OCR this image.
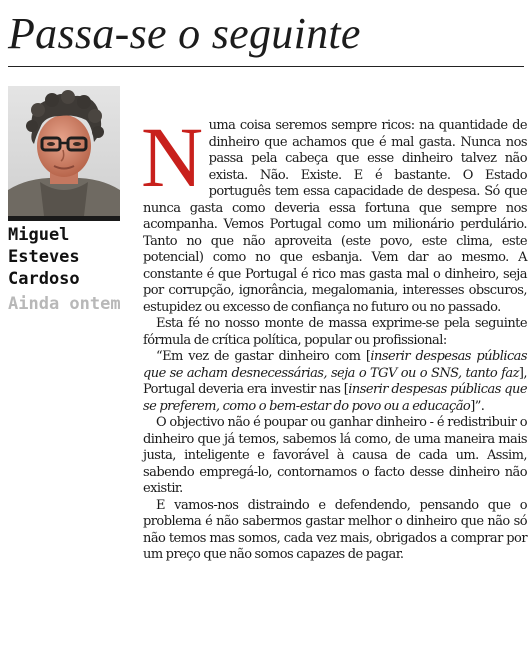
Passa-se o seguinte
Miguel Esteves Cardoso
Ainda ontem

Numa coisa seremos sempre ricos: na quantidade de dinheiro que achamos que é mal gasta. Nunca nos passa pela cabeça que esse dinheiro talvez não exista. Não. Existe. E é bastante. O Estado português tem essa capacidade de despesa. Só que nunca gasta como deveria essa fortuna que sempre nos acompanha. Vemos Portugal como um milionário perdulário. Tanto no que não aproveita (este povo, este clima, este potencial) como no que esbanja. Vem dar ao mesmo. A constante é que Portugal é rico mas gasta mal o dinheiro, seja por corrupção, ignorância, megalomania, interesses obscuros, estupidez ou excesso de confiança no futuro ou no passado.

Esta fé no nosso monte de massa exprime-se pela seguinte fórmula de crítica política, popular ou profissional:

“Em vez de gastar dinheiro com [inserir despesas públicas que se acham desnecessárias, seja o TGV ou o SNS, tanto faz], Portugal deveria era investir nas [inserir despesas públicas que se preferem, como o bem-estar do povo ou a educação]”.

O objectivo não é poupar ou ganhar dinheiro - é redistribuir o dinheiro que já temos, sabemos lá como, de uma maneira mais justa, inteligente e favorável à causa de cada um. Assim, sabendo empregá-lo, contornamos o facto desse dinheiro não existir.

E vamos-nos distraindo e defendendo, pensando que o problema é não sabermos gastar melhor o dinheiro que não só não temos mas somos, cada vez mais, obrigados a comprar por um preço que não somos capazes de pagar.
